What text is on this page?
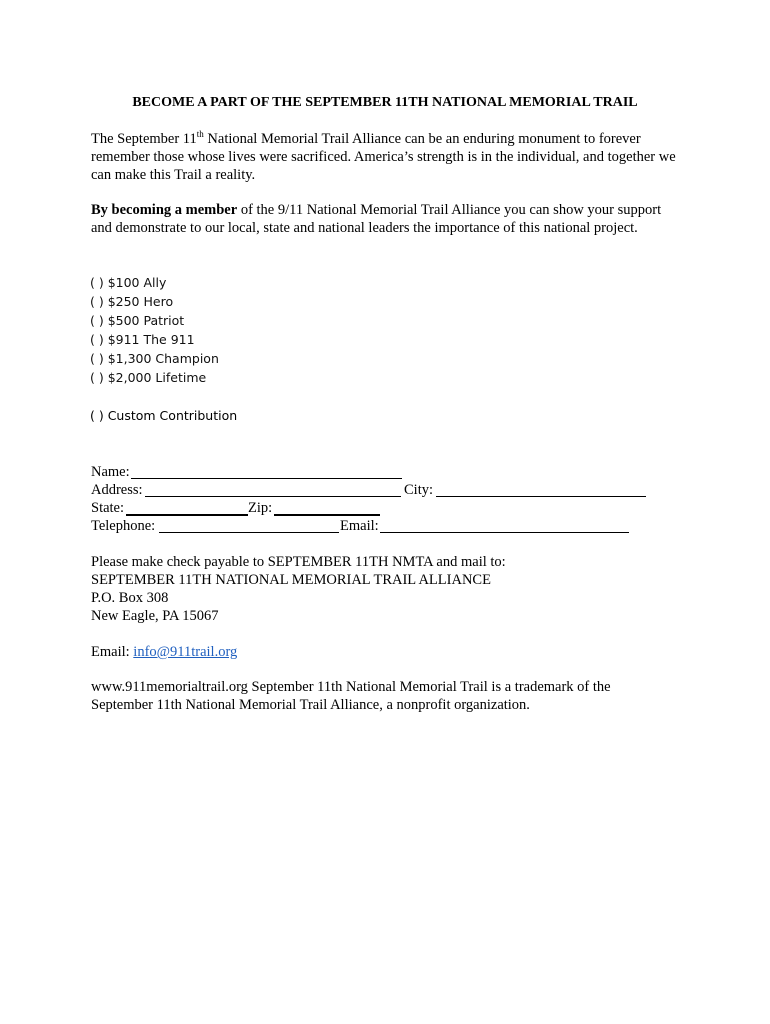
BECOME A PART OF THE SEPTEMBER 11TH NATIONAL MEMORIAL TRAIL
The September 11th National Memorial Trail Alliance can be an enduring monument to forever remember those whose lives were sacrificed. America’s strength is in the individual, and together we can make this Trail a reality.
By becoming a member of the 9/11 National Memorial Trail Alliance you can show your support and demonstrate to our local, state and national leaders the importance of this national project.
( ) $100 Ally
( ) $250 Hero
( ) $500 Patriot
( ) $911 The 911
( ) $1,300 Champion
( ) $2,000 Lifetime
( ) Custom Contribution
Name:
Address:	City:
State:	Zip:
Telephone:	Email:
Please make check payable to SEPTEMBER 11TH NMTA and mail to:
SEPTEMBER 11TH NATIONAL MEMORIAL TRAIL ALLIANCE
P.O. Box 308
New Eagle, PA 15067
Email: info@911trail.org
www.911memorialtrail.org September 11th National Memorial Trail is a trademark of the September 11th National Memorial Trail Alliance, a nonprofit organization.
